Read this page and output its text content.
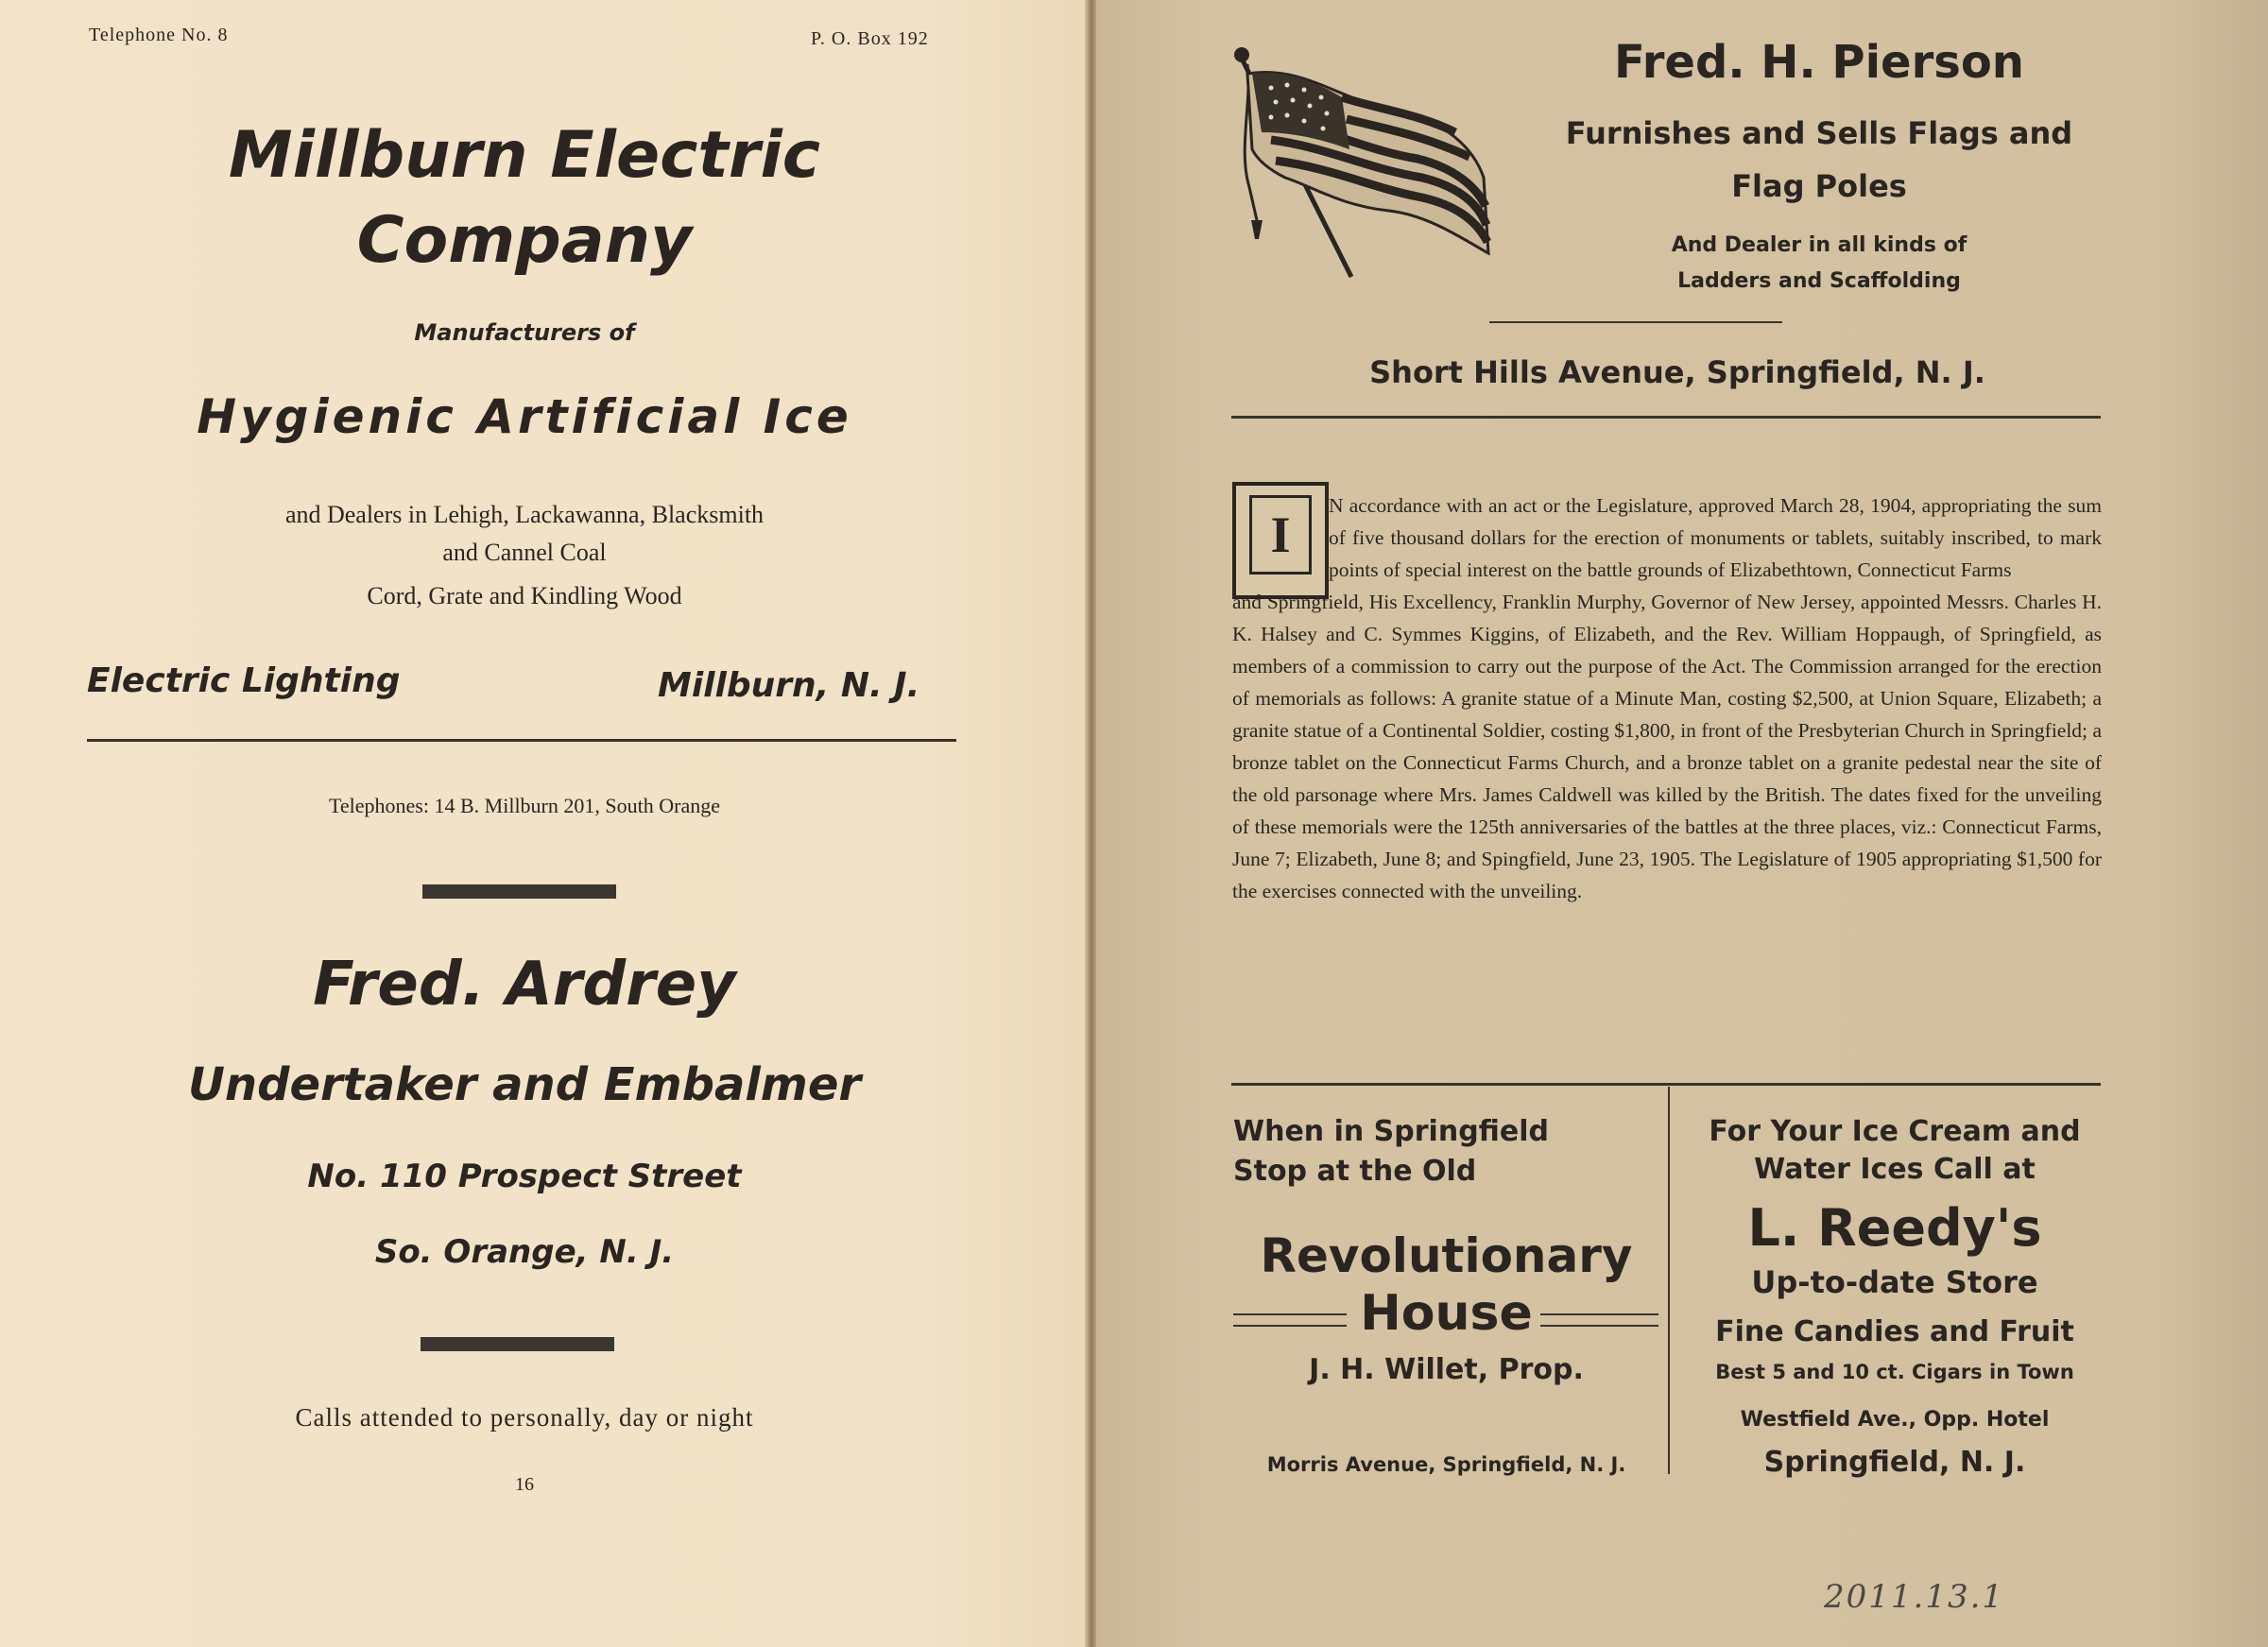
Telephone No. 8	P. O. Box 192
Millburn Electric
Company
Manufacturers of
Hygienic Artificial Ice
and Dealers in Lehigh, Lackawanna, Blacksmith
and Cannel Coal
Cord, Grate and Kindling Wood
Electric Lighting	Millburn, N. J.
Telephones: 14 B. Millburn 201, South Orange
Fred. Ardrey
Undertaker and Embalmer
No. 110 Prospect Street
So. Orange, N. J.
Calls attended to personally, day or night
16
Fred. H. Pierson
Furnishes and Sells Flags and
Flag Poles
And Dealer in all kinds of
Ladders and Scaffolding
Short Hills Avenue, Springfield, N. J.
I
N accordance with an act or the Legislature, approved March 28, 1904, appropriating the sum of five thousand dollars for the erection of monuments or tablets, suitably inscribed, to mark points of special interest on the battle grounds of Elizabethtown, Connecticut Farms
and Springfield, His Excellency, Franklin Murphy, Governor of New Jersey, appointed Messrs. Charles H. K. Halsey and C. Symmes Kiggins, of Elizabeth, and the Rev. William Hoppaugh, of Springfield, as members of a commission to carry out the purpose of the Act. The Commission arranged for the erection of memorials as follows: A granite statue of a Minute Man, costing $2,500, at Union Square, Elizabeth; a granite statue of a Continental Soldier, costing $1,800, in front of the Presbyterian Church in Springfield; a bronze tablet on the Connecticut Farms Church, and a bronze tablet on a granite pedestal near the site of the old parsonage where Mrs. James Caldwell was killed by the British. The dates fixed for the unveiling of these memorials were the 125th anniversaries of the battles at the three places, viz.: Connecticut Farms, June 7; Elizabeth, June 8; and Spingfield, June 23, 1905. The Legislature of 1905 appropriating $1,500 for the exercises connected with the unveiling.
When in Springfield
Stop at the Old
Revolutionary
House
J. H. Willet, Prop.
Morris Avenue, Springfield, N. J.
For Your Ice Cream and
Water Ices Call at
L. Reedy's
Up-to-date Store
Fine Candies and Fruit
Best 5 and 10 ct. Cigars in Town
Westfield Ave., Opp. Hotel
Springfield, N. J.
2011.13.1
